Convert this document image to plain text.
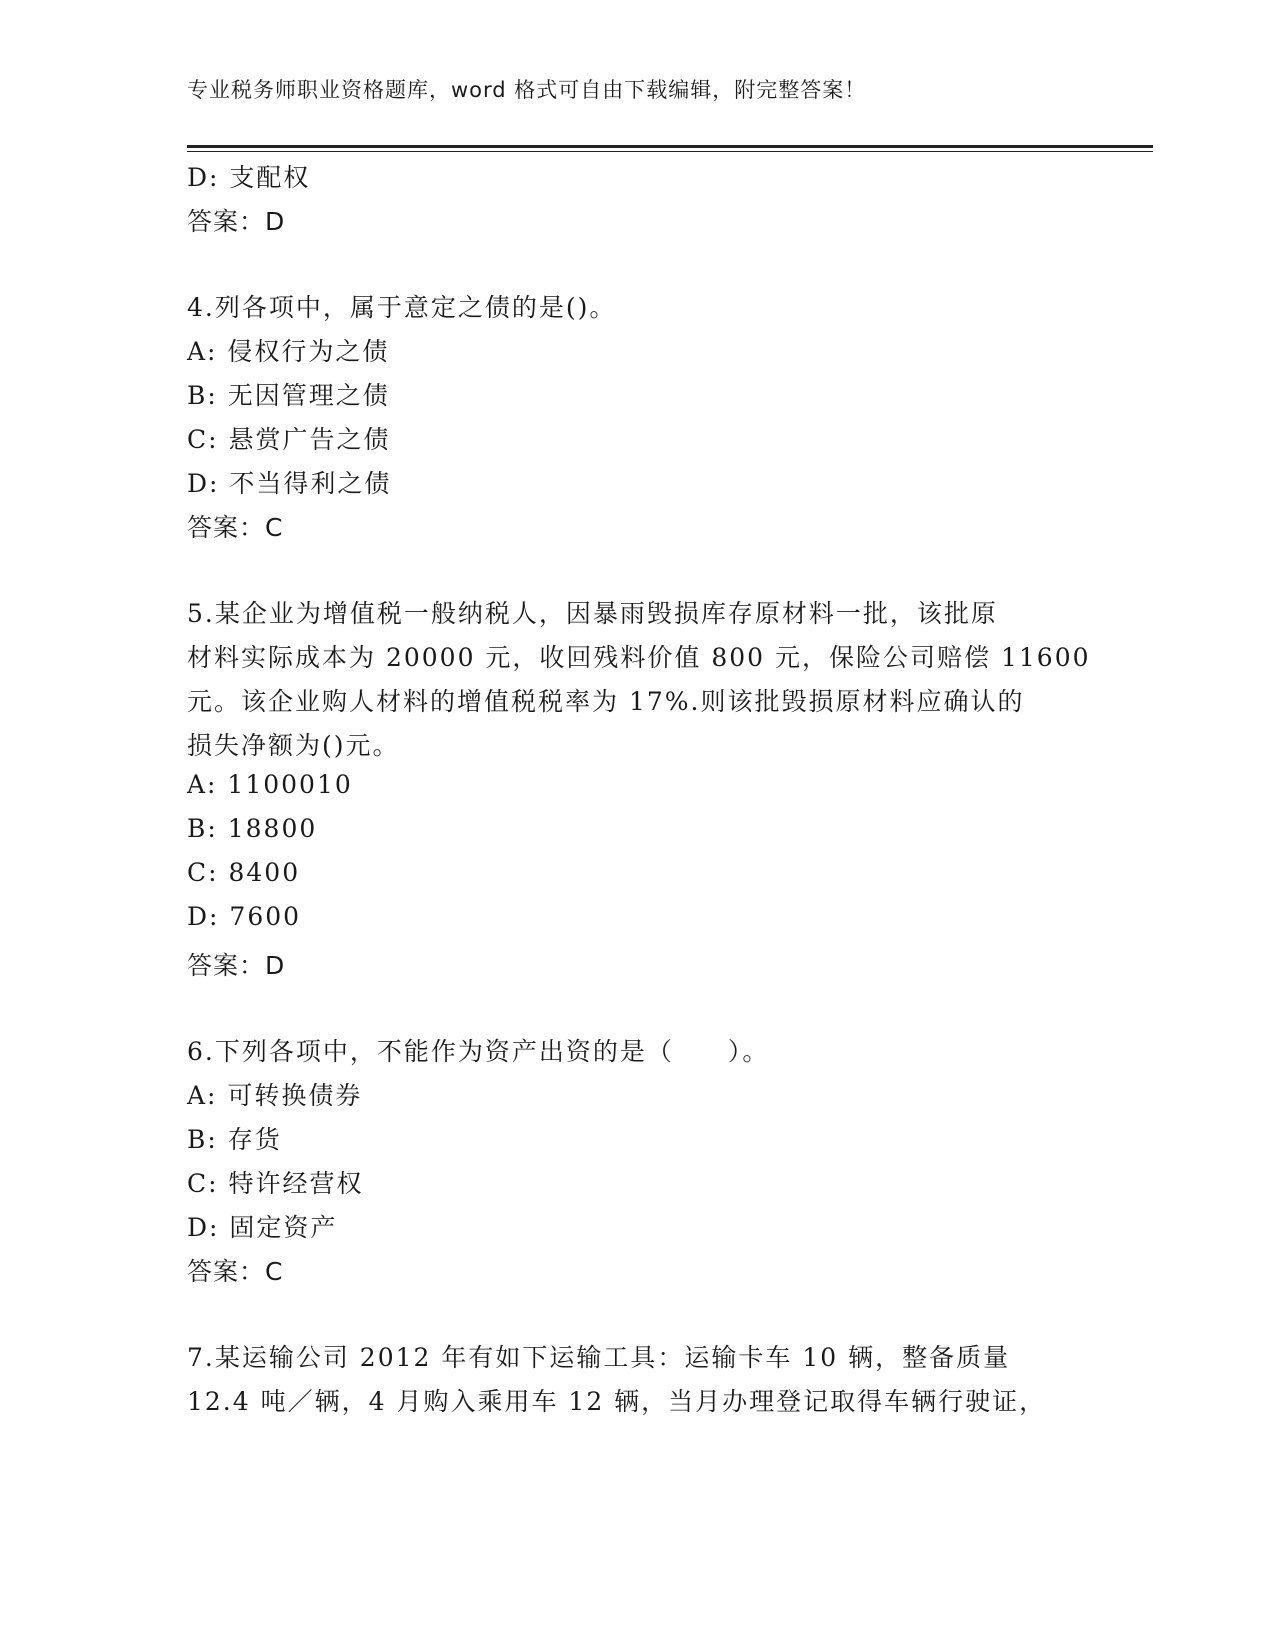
专业税务师职业资格题库，word 格式可自由下载编辑，附完整答案！
D: 支配权
答案：D
4.列各项中，属于意定之债的是()。
A: 侵权行为之债
B: 无因管理之债
C: 悬赏广告之债
D: 不当得利之债
答案：C
5.某企业为增值税一般纳税人，因暴雨毁损库存原材料一批，该批原
材料实际成本为 20000 元，收回残料价值 800 元，保险公司赔偿 11600
元。该企业购人材料的增值税税率为 17%.则该批毁损原材料应确认的
损失净额为()元。
A: 1100010
B: 18800
C: 8400
D: 7600
答案：D
6.下列各项中，不能作为资产出资的是（　　）。
A: 可转换债券
B: 存货
C: 特许经营权
D: 固定资产
答案：C
7.某运输公司 2012 年有如下运输工具：运输卡车 10 辆，整备质量
12.4 吨／辆，4 月购入乘用车 12 辆，当月办理登记取得车辆行驶证，
